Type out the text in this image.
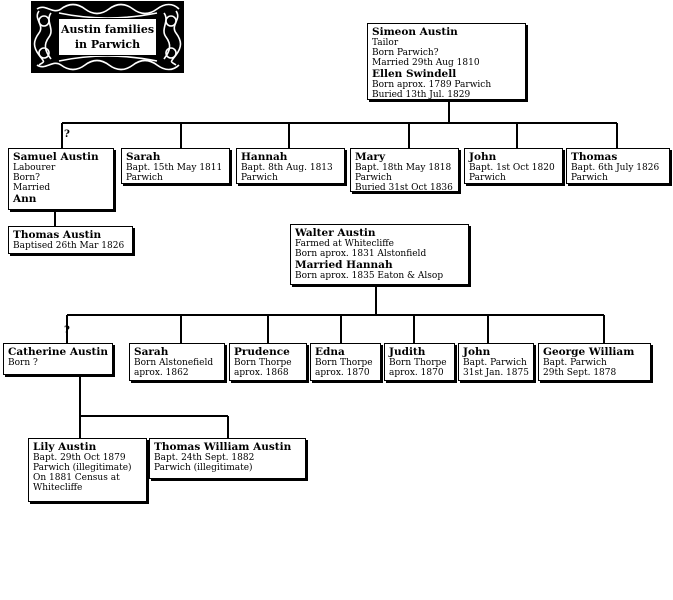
Austin families
in Parwich
?
?
Simeon Austin
Tailor
Born Parwich?
Married 29th Aug 1810
Ellen Swindell
Born aprox. 1789 Parwich
Buried 13th Jul. 1829
Samuel Austin
Labourer
Born?
Married
Ann
Sarah
Bapt. 15th May 1811
Parwich
Hannah
Bapt. 8th Aug. 1813
Parwich
Mary
Bapt. 18th May 1818
Parwich
Buried 31st Oct 1836
John
Bapt. 1st Oct 1820
Parwich
Thomas
Bapt. 6th July 1826
Parwich
Thomas Austin
Baptised 26th Mar 1826
Walter Austin
Farmed at Whitecliffe
Born aprox. 1831 Alstonfield
Married Hannah
Born aprox. 1835 Eaton & Alsop
Catherine Austin
Born ?
Sarah
Born Alstonefield
aprox. 1862
Prudence
Born Thorpe
aprox. 1868
Edna
Born Thorpe
aprox. 1870
Judith
Born Thorpe
aprox. 1870
John
Bapt. Parwich
31st Jan. 1875
George William
Bapt. Parwich
29th Sept. 1878
Lily Austin
Bapt. 29th Oct 1879
Parwich (illegitimate)
On 1881 Census at
Whitecliffe
Thomas William Austin
Bapt. 24th Sept. 1882
Parwich (illegitimate)
